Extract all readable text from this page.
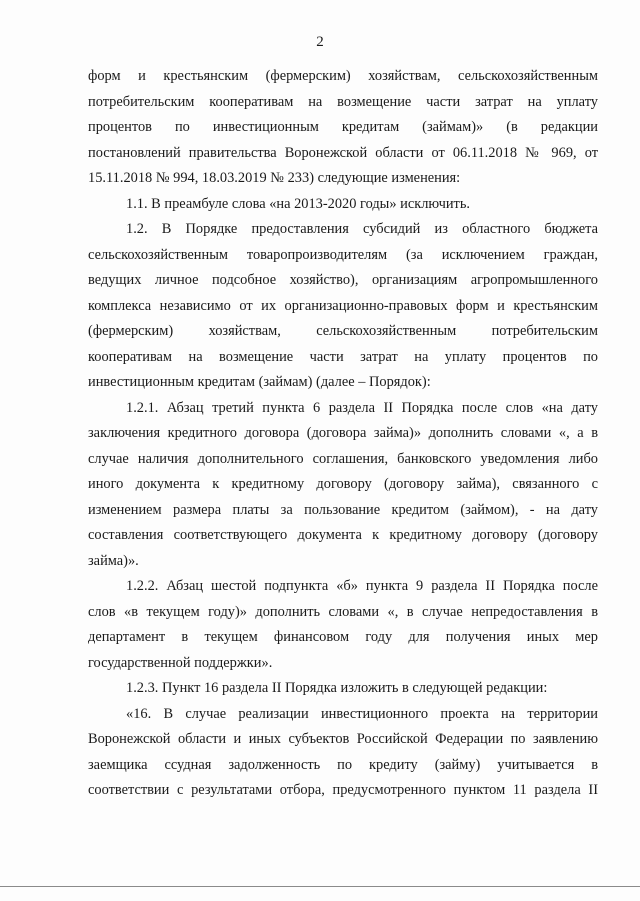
2
форм и крестьянским (фермерским) хозяйствам, сельскохозяйственным
потребительским кооперативам на возмещение части затрат на уплату
процентов по инвестиционным кредитам (займам)» (в редакции
постановлений правительства Воронежской области от 06.11.2018 № 969, от
15.11.2018 № 994, 18.03.2019 № 233) следующие изменения:
1.1. В преамбуле слова «на 2013-2020 годы» исключить.
1.2. В Порядке предоставления субсидий из областного бюджета
сельскохозяйственным товаропроизводителям (за исключением граждан,
ведущих личное подсобное хозяйство), организациям агропромышленного
комплекса независимо от их организационно-правовых форм и крестьянским
(фермерским) хозяйствам, сельскохозяйственным потребительским
кооперативам на возмещение части затрат на уплату процентов по
инвестиционным кредитам (займам) (далее – Порядок):
1.2.1. Абзац третий пункта 6 раздела II Порядка после слов «на дату
заключения кредитного договора (договора займа)» дополнить словами «, а в
случае наличия дополнительного соглашения, банковского уведомления либо
иного документа к кредитному договору (договору займа), связанного с
изменением размера платы за пользование кредитом (займом), - на дату
составления соответствующего документа к кредитному договору (договору
займа)».
1.2.2. Абзац шестой подпункта «б» пункта 9 раздела II Порядка после
слов «в текущем году)» дополнить словами «, в случае непредоставления в
департамент в текущем финансовом году для получения иных мер
государственной поддержки».
1.2.3. Пункт 16 раздела II Порядка изложить в следующей редакции:
«16. В случае реализации инвестиционного проекта на территории
Воронежской области и иных субъектов Российской Федерации по заявлению
заемщика ссудная задолженность по кредиту (займу) учитывается в
соответствии с результатами отбора, предусмотренного пунктом 11 раздела II
